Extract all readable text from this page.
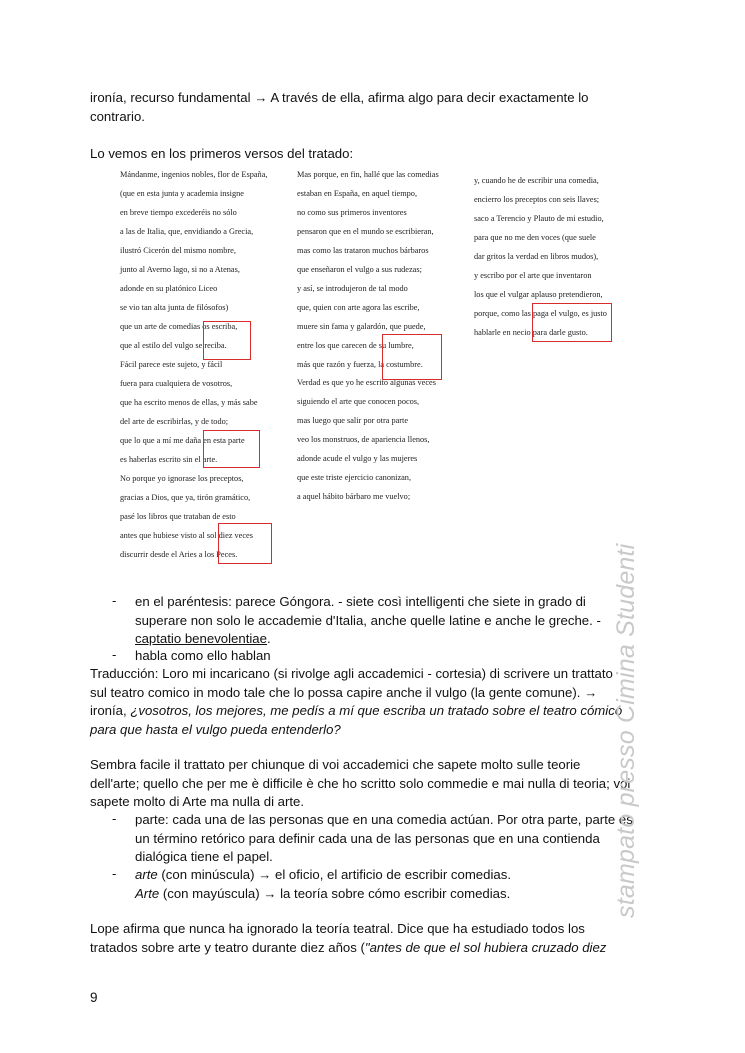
ironía, recurso fundamental → A través de ella, afirma algo para decir exactamente lo
contrario.

Lo vemos en los primeros versos del tratado:

Mándanme, ingenios nobles, flor de España,
(que en esta junta y academia insigne
en breve tiempo excederéis no sólo
a las de Italia, que, envidiando a Grecia,
ilustró Cicerón del mismo nombre,
junto al Averno lago, si no a Atenas,
adonde en su platónico Liceo
se vio tan alta junta de filósofos)
que un arte de comedias os escriba,
que al estilo del vulgo se reciba.
Fácil parece este sujeto, y fácil
fuera para cualquiera de vosotros,
que ha escrito menos de ellas, y más sabe
del arte de escribirlas, y de todo;
que lo que a mí me daña en esta parte
es haberlas escrito sin el arte.
No porque yo ignorase los preceptos,
gracias a Dios, que ya, tirón gramático,
pasé los libros que trataban de esto
antes que hubiese visto al sol diez veces
discurrir desde el Aries a los Peces.
Mas porque, en fin, hallé que las comedias
estaban en España, en aquel tiempo,
no como sus primeros inventores
pensaron que en el mundo se escribieran,
mas como las trataron muchos bárbaros
que enseñaron el vulgo a sus rudezas;
y así, se introdujeron de tal modo
que, quien con arte agora las escribe,
muere sin fama y galardón, que puede,
entre los que carecen de su lumbre,
más que razón y fuerza, la costumbre.
Verdad es que yo he escrito algunas veces
siguiendo el arte que conocen pocos,
mas luego que salir por otra parte
veo los monstruos, de apariencia llenos,
adonde acude el vulgo y las mujeres
que este triste ejercicio canonizan,
a aquel hábito bárbaro me vuelvo;
y, cuando he de escribir una comedia,
encierro los preceptos con seis llaves;
saco a Terencio y Plauto de mi estudio,
para que no me den voces (que suele
dar gritos la verdad en libros mudos),
y escribo por el arte que inventaron
los que el vulgar aplauso pretendieron,
porque, como las paga el vulgo, es justo
hablarle en necio para darle gusto.
- en el paréntesis: parece Góngora. - siete così intelligenti che siete in grado di
superare non solo le accademie d'Italia, anche quelle latine e anche le greche. -
captatio benevolentiae.

- habla como ello hablan

Traducción: Loro mi incaricano (si rivolge agli accademici - cortesia) di scrivere un trattato
sul teatro comico in modo tale che lo possa capire anche il vulgo (la gente comune). →
ironía, ¿vosotros, los mejores, me pedís a mí que escriba un tratado sobre el teatro cómico
para que hasta el vulgo pueda entenderlo?

Sembra facile il trattato per chiunque di voi accademici che sapete molto sulle teorie
dell'arte; quello che per me è difficile è che ho scritto solo commedie e mai nulla di teoria; voi
sapete molto di Arte ma nulla di arte.

- parte: cada una de las personas que en una comedia actúan. Por otra parte, parte es
un término retórico para definir cada una de las personas que en una contienda
dialógica tiene el papel.

- arte (con minúscula) → el oficio, el artificio de escribir comedias.
Arte (con mayúscula) → la teoría sobre cómo escribir comedias.

Lope afirma que nunca ha ignorado la teoría teatral. Dice que ha estudiado todos los
tratados sobre arte y teatro durante diez años ("antes de que el sol hubiera cruzado diez

stampato presso Cimina Studenti
9
